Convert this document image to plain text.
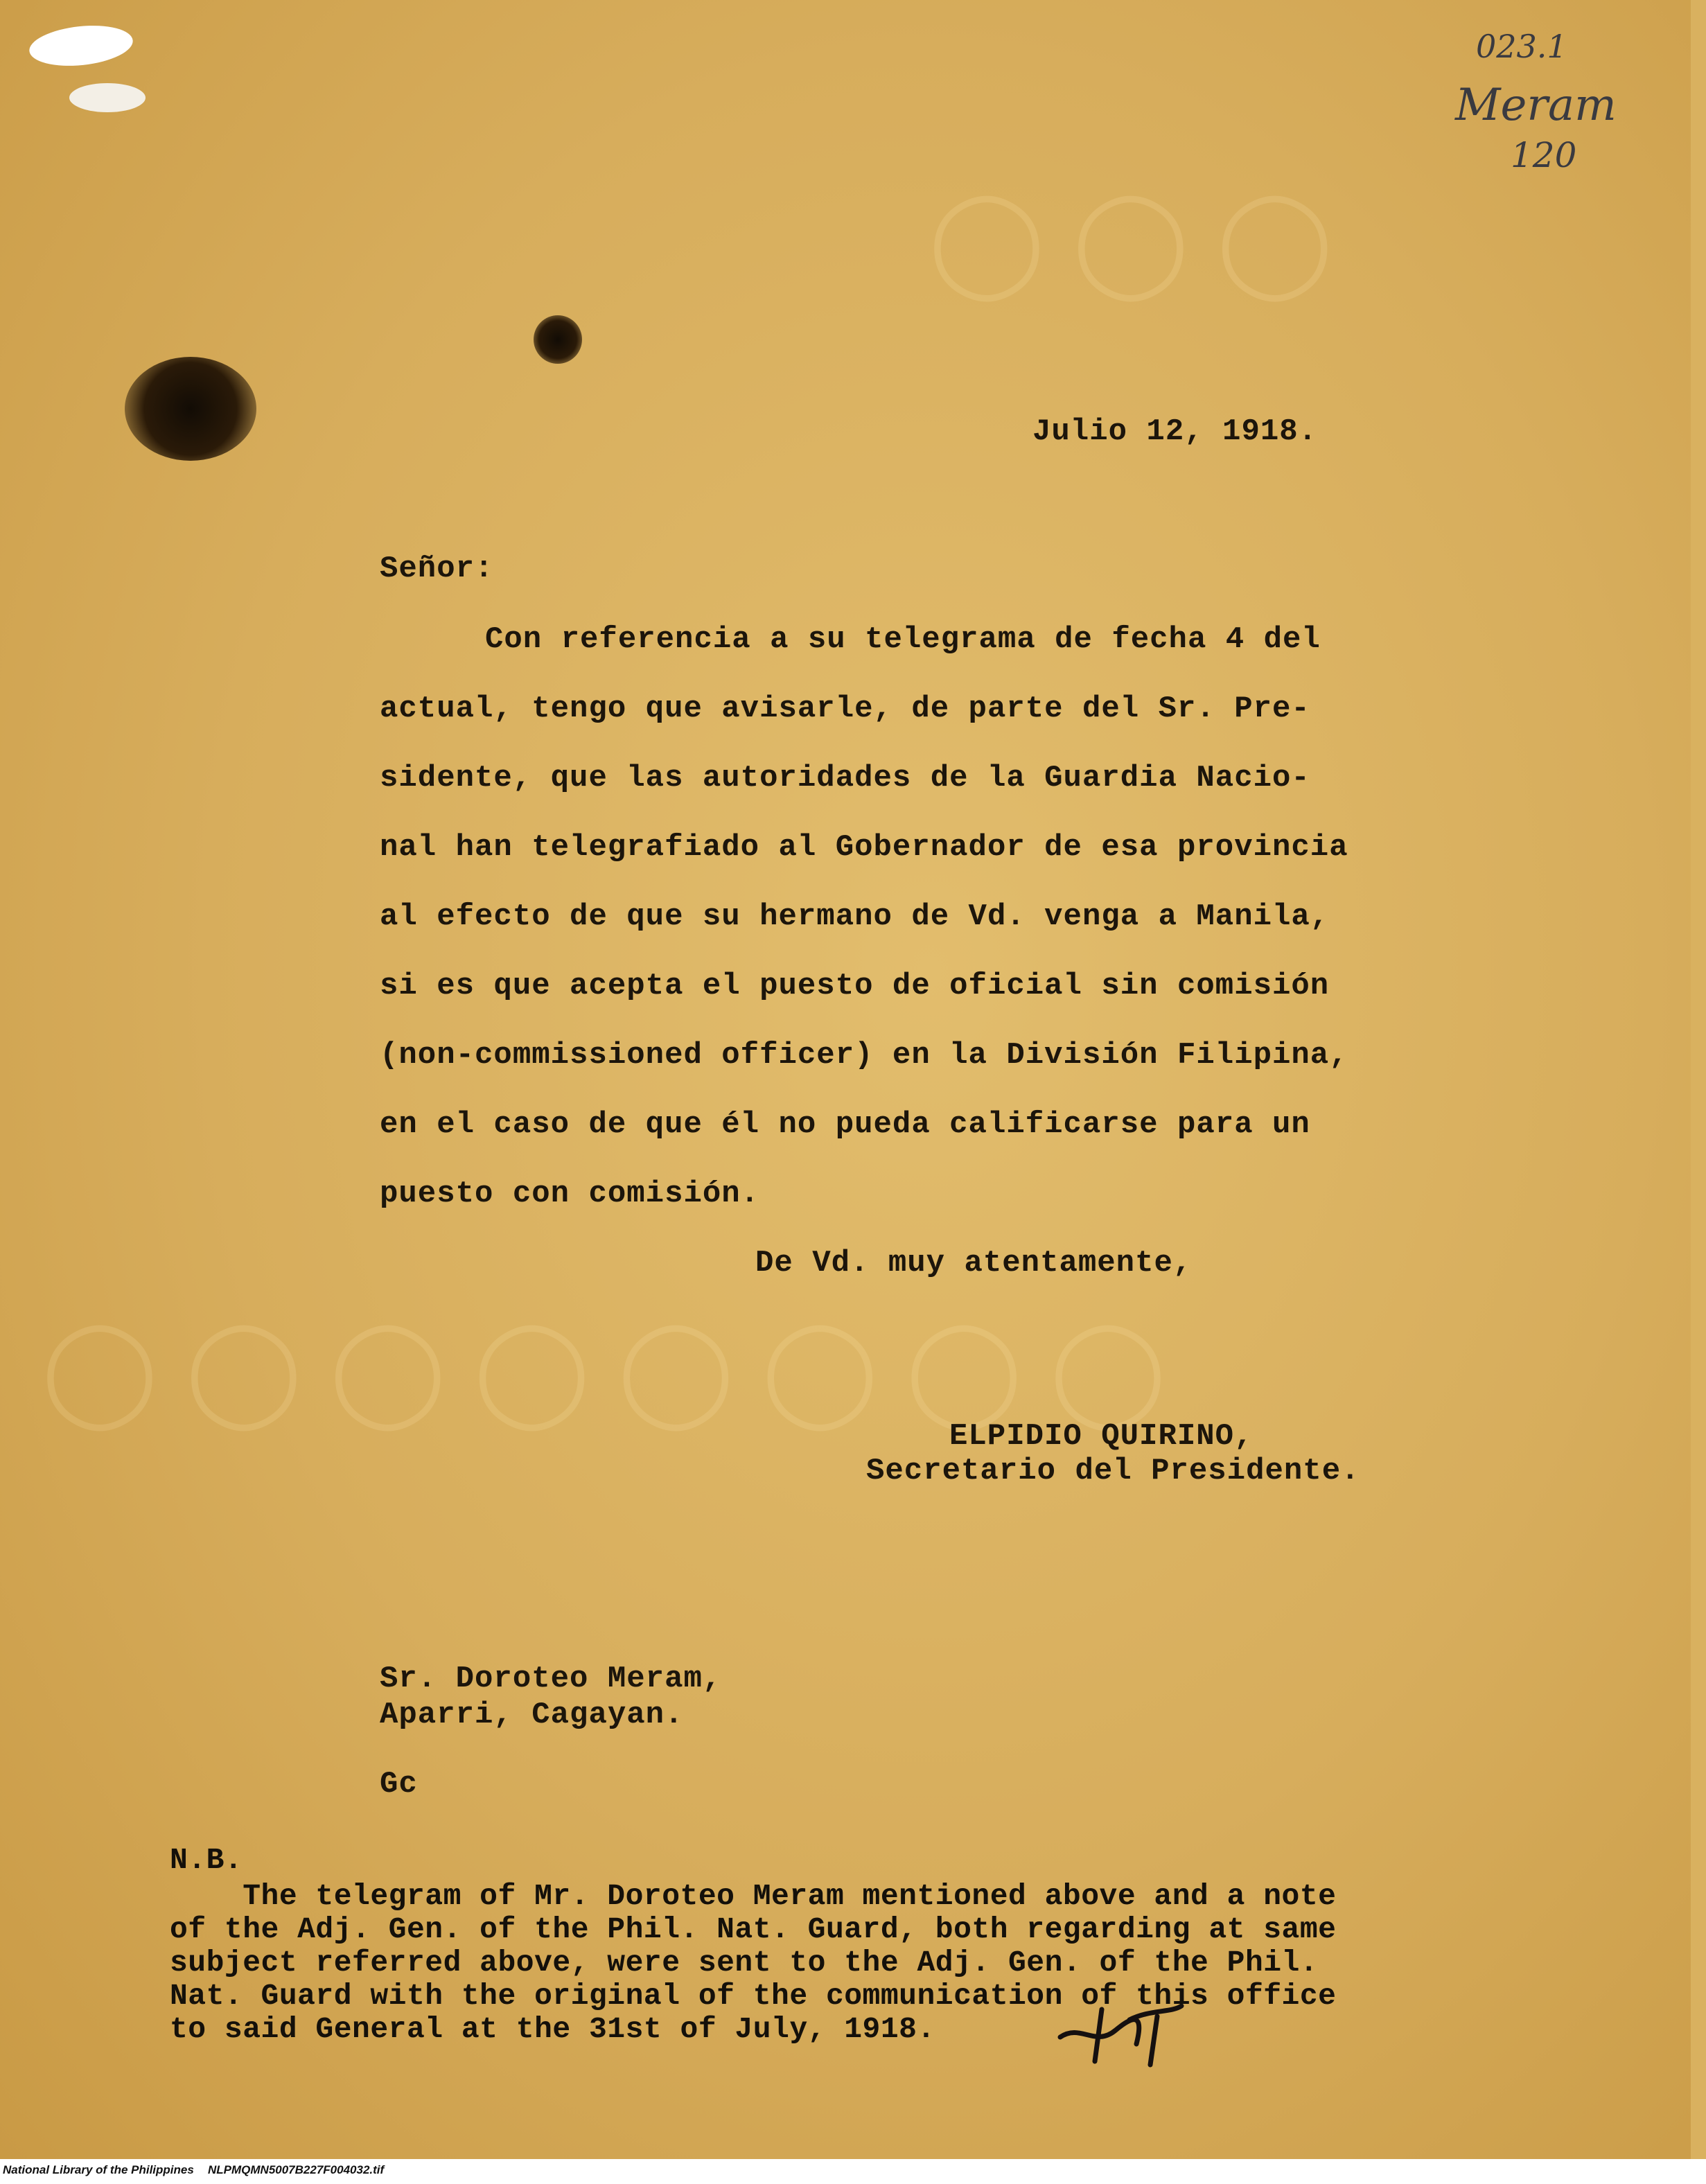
◯◯◯
◯◯◯◯◯◯◯◯
023.1
Meram
120
Julio 12, 1918.
Señor:
Con referencia a su telegrama de fecha 4 del
actual, tengo que avisarle, de parte del Sr. Pre-
sidente, que las autoridades de la Guardia Nacio-
nal han telegrafiado al Gobernador de esa provincia
al efecto de que su hermano de Vd. venga a Manila,
si es que acepta el puesto de oficial sin comisión
(non-commissioned officer) en la División Filipina,
en el caso de que él no pueda calificarse para un
puesto con comisión.
De Vd. muy atentamente,
ELPIDIO QUIRINO,
Secretario del Presidente.
Sr. Doroteo Meram,
Aparri, Cagayan.
Gc
N.B.
The telegram of Mr. Doroteo Meram mentioned above and a note
of the Adj. Gen. of the Phil. Nat. Guard, both regarding at same
subject referred above, were sent to the Adj. Gen. of the Phil.
Nat. Guard with the original of the communication of this office
to said General at the 31st of July, 1918.
National Library of the Philippines NLPMQMN5007B227F004032.tif
